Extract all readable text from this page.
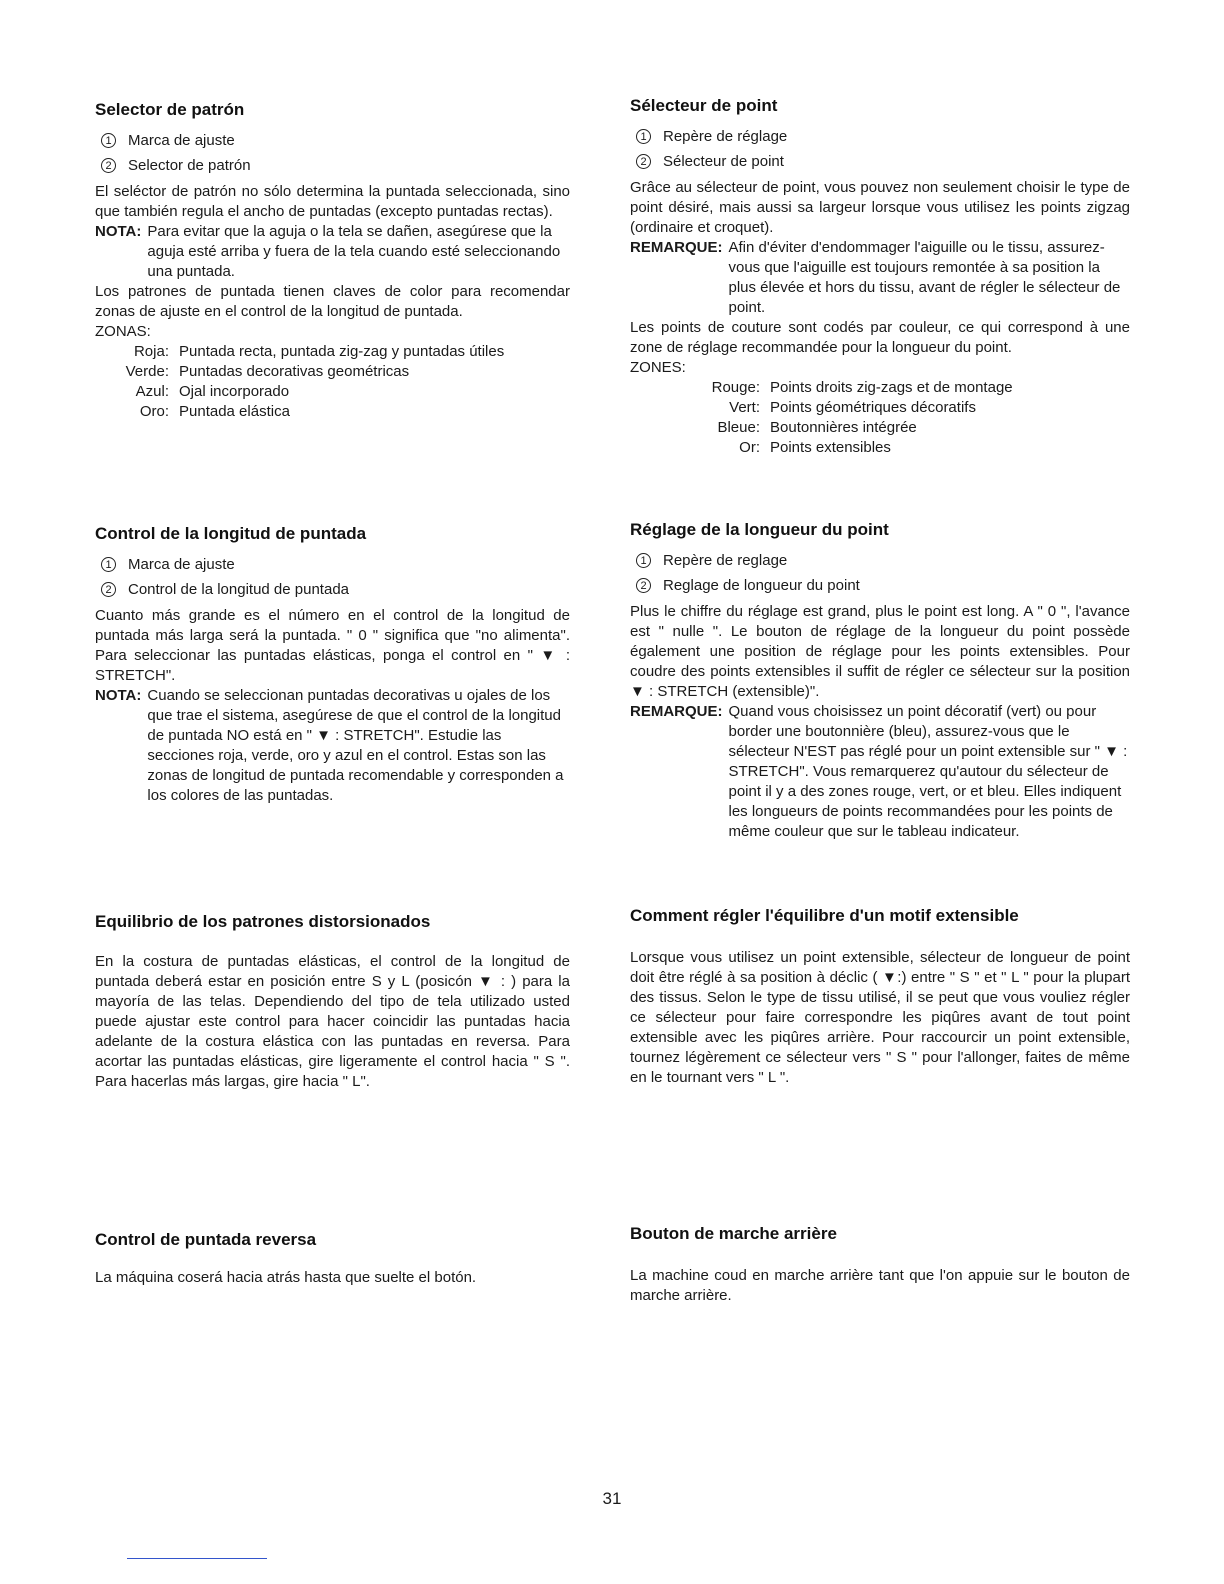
Selector de patrón
1 Marca de ajuste
2 Selector de patrón

El seléctor de patrón no sólo determina la puntada seleccionada, sino que también regula el ancho de puntadas (excepto puntadas rectas).

NOTA: Para evitar que la aguja o la tela se dañen, asegúrese que la aguja esté arriba y fuera de la tela cuando esté seleccionando una puntada.

Los patrones de puntada tienen claves de color para recomendar zonas de ajuste en el control de la longitud de puntada.

ZONAS:
Roja: Puntada recta, puntada zig-zag y puntadas útiles
Verde: Puntadas decorativas geométricas
Azul: Ojal incorporado
Oro: Puntada elástica
Control de la longitud de puntada
1 Marca de ajuste
2 Control de la longitud de puntada

Cuanto más grande es el número en el control de la longitud de puntada más larga será la puntada. " 0 " significa que "no alimenta". Para seleccionar las puntadas elásticas, ponga el control en " ▼ : STRETCH".

NOTA: Cuando se seleccionan puntadas decorativas u ojales de los que trae el sistema, asegúrese de que el control de la longitud de puntada NO está en " ▼ : STRETCH". Estudie las secciones roja, verde, oro y azul en el control. Estas son las zonas de longitud de puntada recomendable y corresponden a los colores de las puntadas.
Equilibrio de los patrones distorsionados

En la costura de puntadas elásticas, el control de la longitud de puntada deberá estar en posición entre S y L (posicón ▼ : ) para la mayoría de las telas. Dependiendo del tipo de tela utilizado usted puede ajustar este control para hacer coincidir las puntadas hacia adelante de la costura elástica con las puntadas en reversa. Para acortar las puntadas elásticas, gire ligeramente el control hacia " S ". Para hacerlas más largas, gire hacia " L".

Control de puntada reversa

La máquina coserá hacia atrás hasta que suelte el botón.

Sélecteur de point
1 Repère de réglage
2 Sélecteur de point

Grâce au sélecteur de point, vous pouvez non seulement choisir le type de point désiré, mais aussi sa largeur lorsque vous utilisez les points zigzag (ordinaire et croquet).

REMARQUE: Afin d'éviter d'endommager l'aiguille ou le tissu, assurez-vous que l'aiguille est toujours remontée à sa position la plus élevée et hors du tissu, avant de régler le sélecteur de point.

Les points de couture sont codés par couleur, ce qui correspond à une zone de réglage recommandée pour la longueur du point.

ZONES:
Rouge: Points droits zig-zags et de montage
Vert: Points géométriques décoratifs
Bleue: Boutonnières intégrée
Or: Points extensibles
Réglage de la longueur du point
1 Repère de reglage
2 Reglage de longueur du point

Plus le chiffre du réglage est grand, plus le point est long. A " 0 ", l'avance est " nulle ". Le bouton de réglage de la longueur du point possède également une position de réglage pour les points extensibles. Pour coudre des points extensibles il suffit de régler ce sélecteur sur la position ▼ : STRETCH (extensible)".

REMARQUE: Quand vous choisissez un point décoratif (vert) ou pour border une boutonnière (bleu), assurez-vous que le sélecteur N'EST pas réglé pour un point extensible sur " ▼ : STRETCH". Vous remarquerez qu'autour du sélecteur de point il y a des zones rouge, vert, or et bleu. Elles indiquent les longueurs de points recommandées pour les points de même couleur que sur le tableau indicateur.
Comment régler l'équilibre d'un motif extensible

Lorsque vous utilisez un point extensible, sélecteur de longueur de point doit être réglé à sa position à déclic ( ▼:) entre " S " et " L " pour la plupart des tissus. Selon le type de tissu utilisé, il se peut que vous vouliez régler ce sélecteur pour faire correspondre les piqûres avant de tout point extensible avec les piqûres arrière. Pour raccourcir un point extensible, tournez légèrement ce sélecteur vers " S " pour l'allonger, faites de même en le tournant vers " L ".

Bouton de marche arrière

La machine coud en marche arrière tant que l'on appuie sur le bouton de marche arrière.

31
